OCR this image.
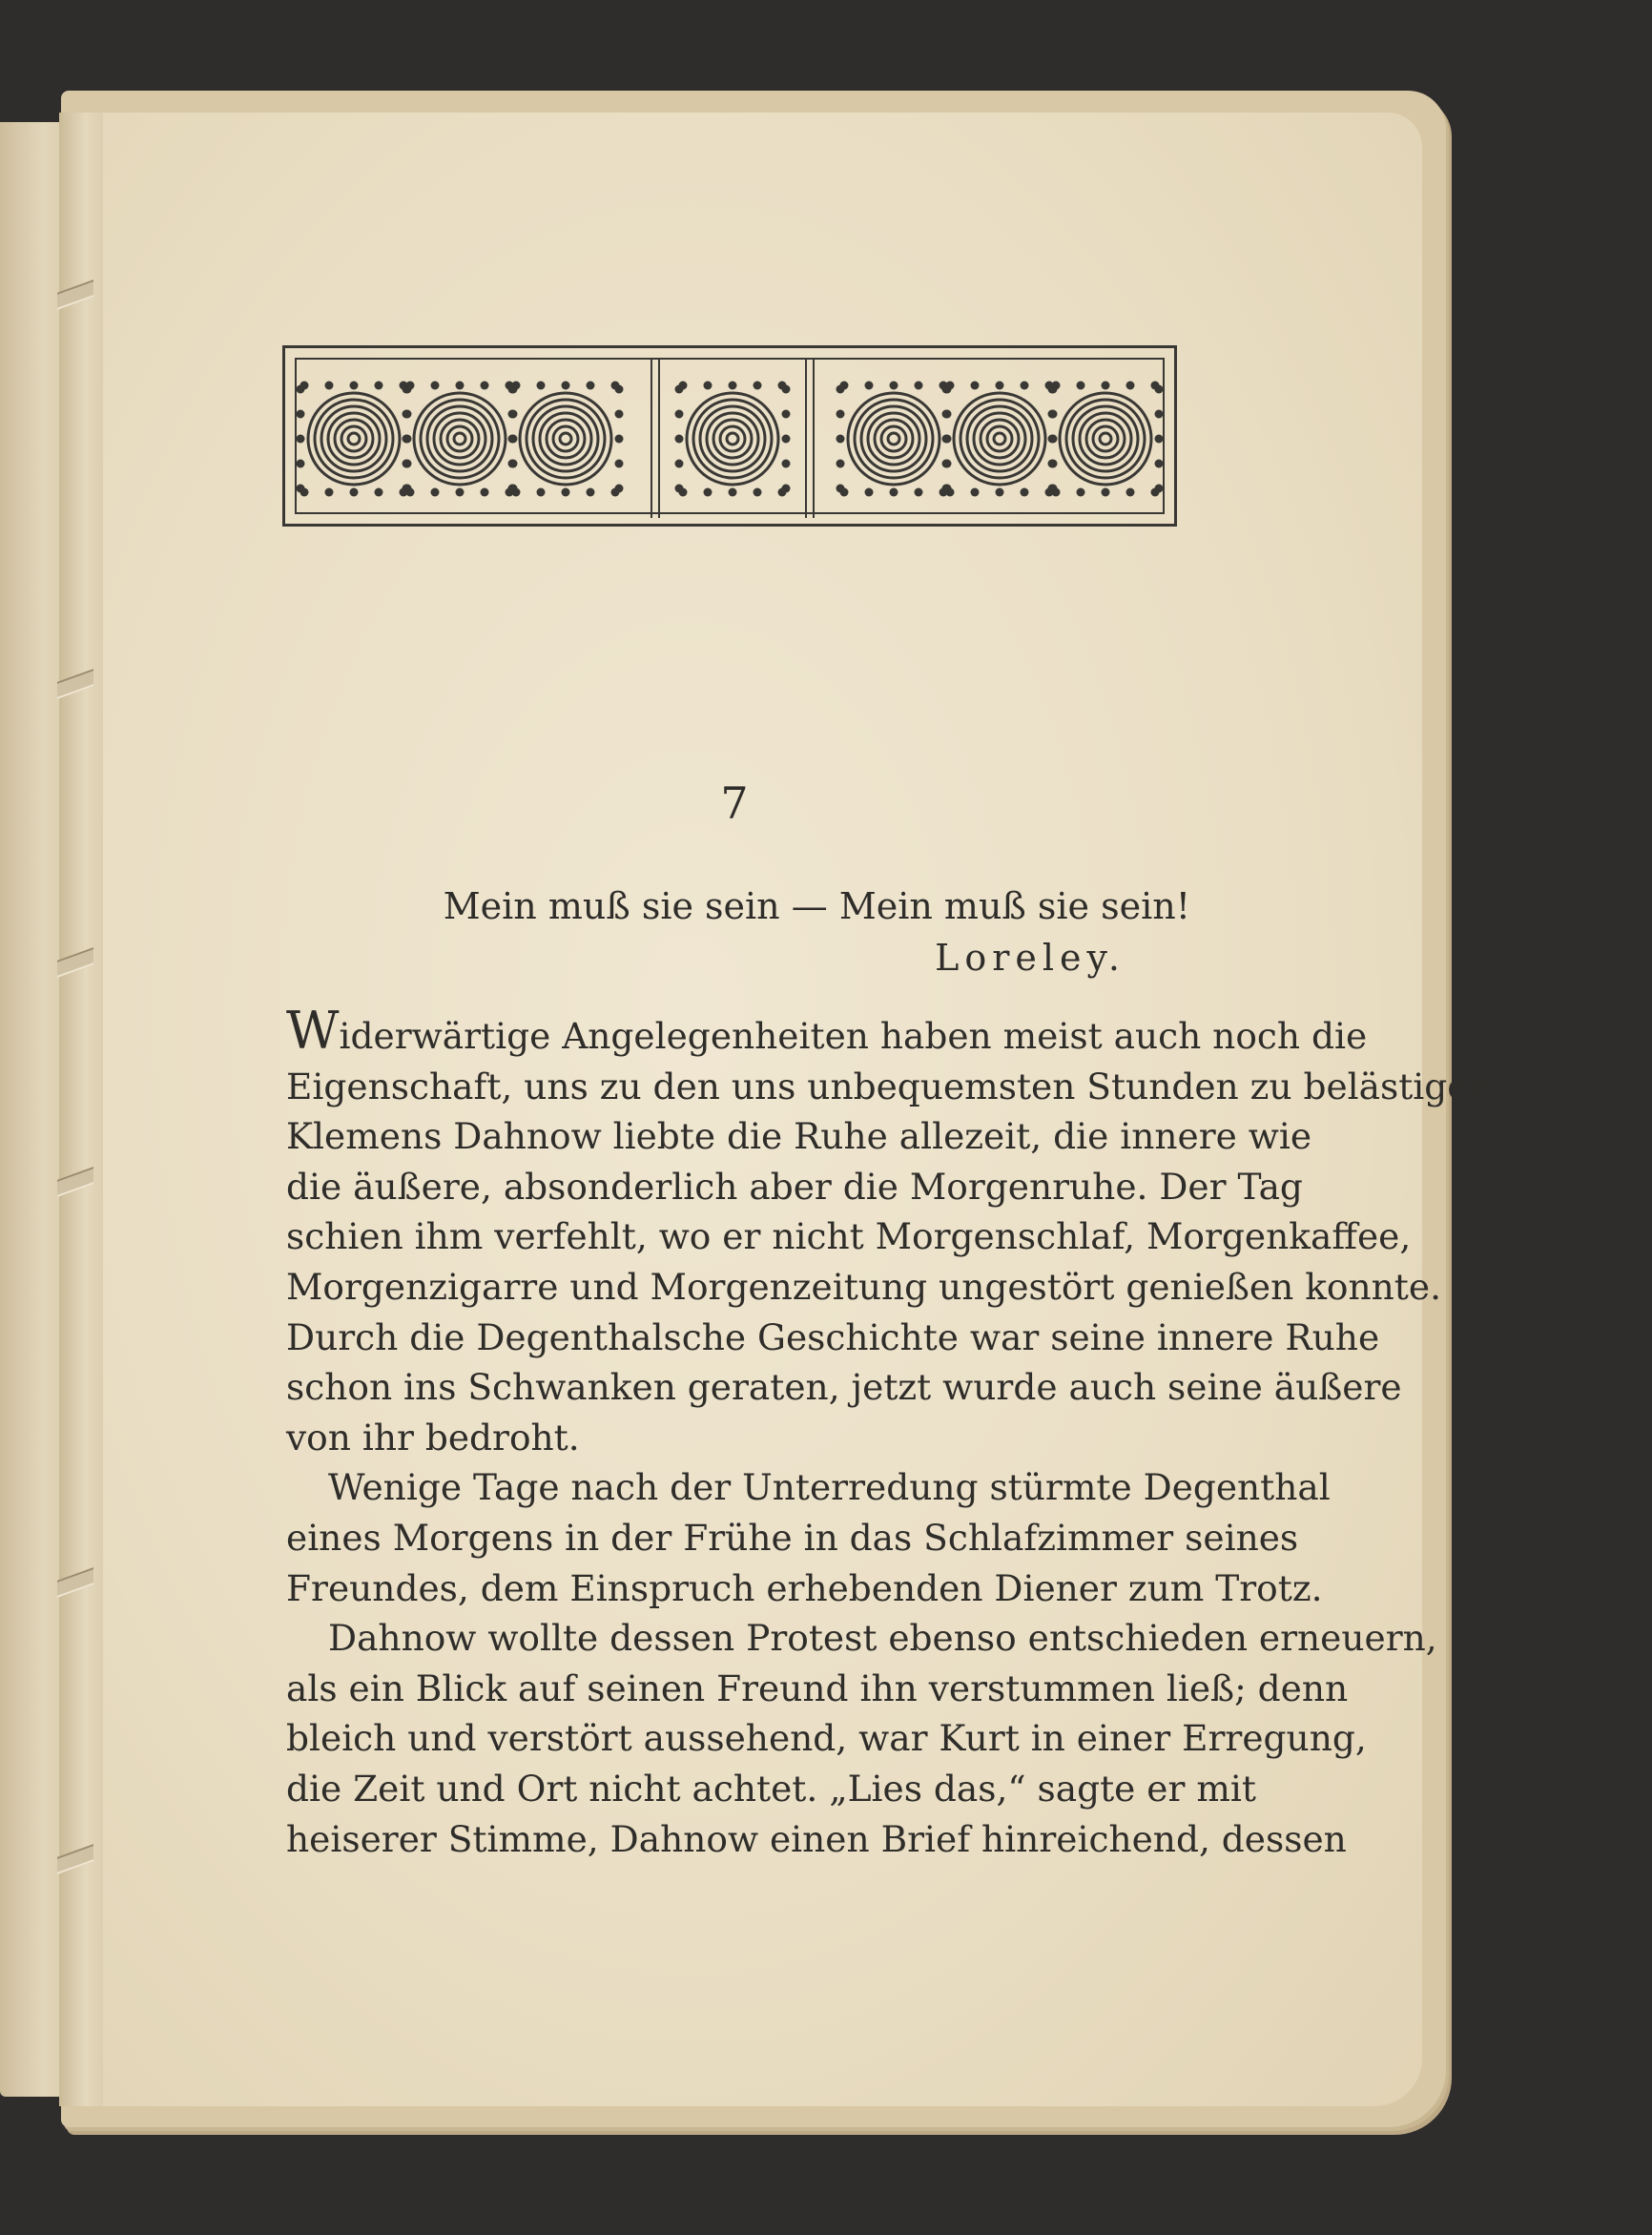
7
Mein muß sie sein — Mein muß sie sein!
Loreley.
Widerwärtige Angelegenheiten haben meist auch noch die
Eigenschaft, uns zu den uns unbequemsten Stunden zu belästigen.
Klemens Dahnow liebte die Ruhe allezeit, die innere wie
die äußere, absonderlich aber die Morgenruhe. Der Tag
schien ihm verfehlt, wo er nicht Morgenschlaf, Morgenkaffee,
Morgenzigarre und Morgenzeitung ungestört genießen konnte.
Durch die Degenthalsche Geschichte war seine innere Ruhe
schon ins Schwanken geraten, jetzt wurde auch seine äußere
von ihr bedroht.
Wenige Tage nach der Unterredung stürmte Degenthal
eines Morgens in der Frühe in das Schlafzimmer seines
Freundes, dem Einspruch erhebenden Diener zum Trotz.
Dahnow wollte dessen Protest ebenso entschieden erneuern,
als ein Blick auf seinen Freund ihn verstummen ließ; denn
bleich und verstört aussehend, war Kurt in einer Erregung,
die Zeit und Ort nicht achtet. „Lies das,“ sagte er mit
heiserer Stimme, Dahnow einen Brief hinreichend, dessen
